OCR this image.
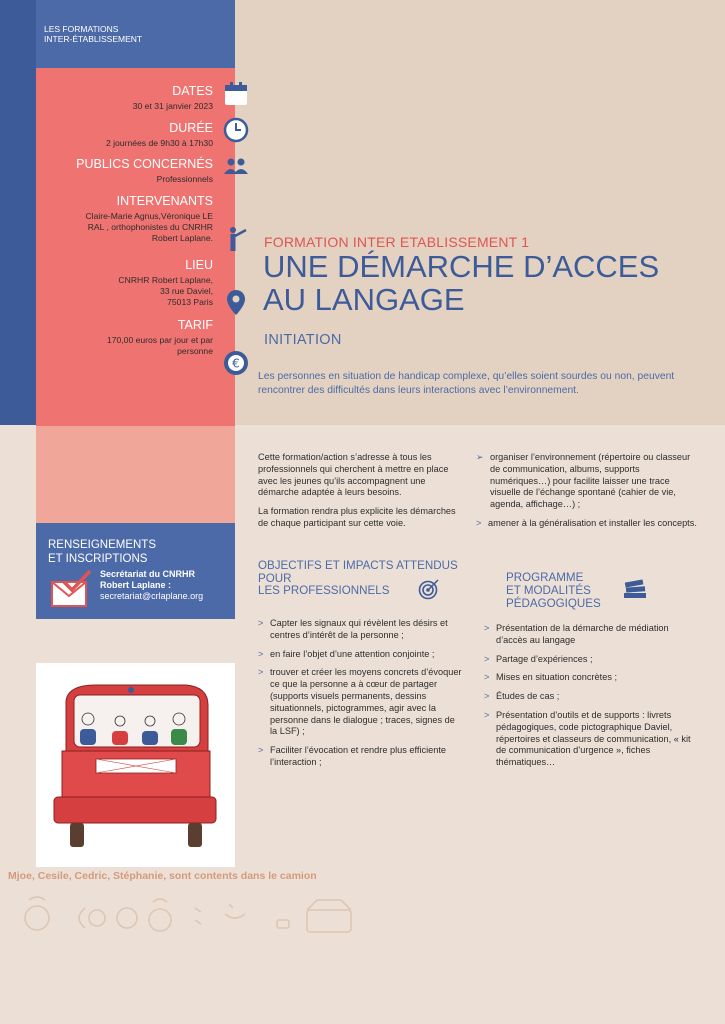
LES FORMATIONS
INTER-ÉTABLISSEMENT
DATES
30 et 31 janvier 2023
DURÉE
2 journées de 9h30 à 17h30
PUBLICS CONCERNÉS
Professionnels
INTERVENANTS
Claire-Marie Agnus,Véronique LE
RAL , orthophonistes du CNRHR
Robert Laplane.
LIEU
CNRHR Robert Laplane,
33 rue Daviel,
75013 Paris
TARIF
170,00 euros par jour et par
personne
€
FORMATION INTER ETABLISSEMENT 1
UNE DÉMARCHE D’ACCES
AU LANGAGE
INITIATION
Les personnes en situation de handicap complexe, qu’elles soient sourdes ou non, peuvent rencontrer des difficultés dans leurs interactions avec l’environnement.
RENSEIGNEMENTS
ET INSCRIPTIONS
Secrétariat du CNRHR
Robert Laplane :
secretariat@crlaplane.org

Cette formation/action s’adresse à tous les professionnels qui cherchent à mettre en place avec les jeunes qu’ils accompagnent une démarche adaptée à leurs besoins.

La formation rendra plus explicite les démarches de chaque participant sur cette voie.

OBJECTIFS ET IMPACTS ATTENDUS
POUR
LES PROFESSIONNELS
> Capter les signaux qui révèlent les désirs et centres d’intérêt de la personne ;
> en faire l’objet d’une attention conjointe ;
> trouver et créer les moyens concrets d’évoquer ce que la personne a à cœur de partager (supports visuels permanents, dessins situationnels, pictogrammes, agir avec la personne dans le dialogue ; traces, signes de la LSF) ;
> Faciliter l’évocation et rendre plus efficiente l’interaction ;
➢ organiser l’environnement (répertoire ou classeur de communication, albums, supports numériques…) pour facilite laisser une trace visuelle de l’échange spontané (cahier de vie, agenda, affichage…) ;
> amener à la généralisation et installer les concepts.
PROGRAMME
ET MODALITÉS
PÉDAGOGIQUES
> Présentation de la démarche de médiation d’accès au langage
> Partage d’expériences ;
> Mises en situation concrètes ;
> Études de cas ;
> Présentation d’outils et de supports : livrets pédagogiques, code pictographique Daviel, répertoires et classeurs de communication, « kit de communication d’urgence », fiches thématiques…
Mjoe, Cesile, Cedric, Stéphanie, sont contents dans le camion
